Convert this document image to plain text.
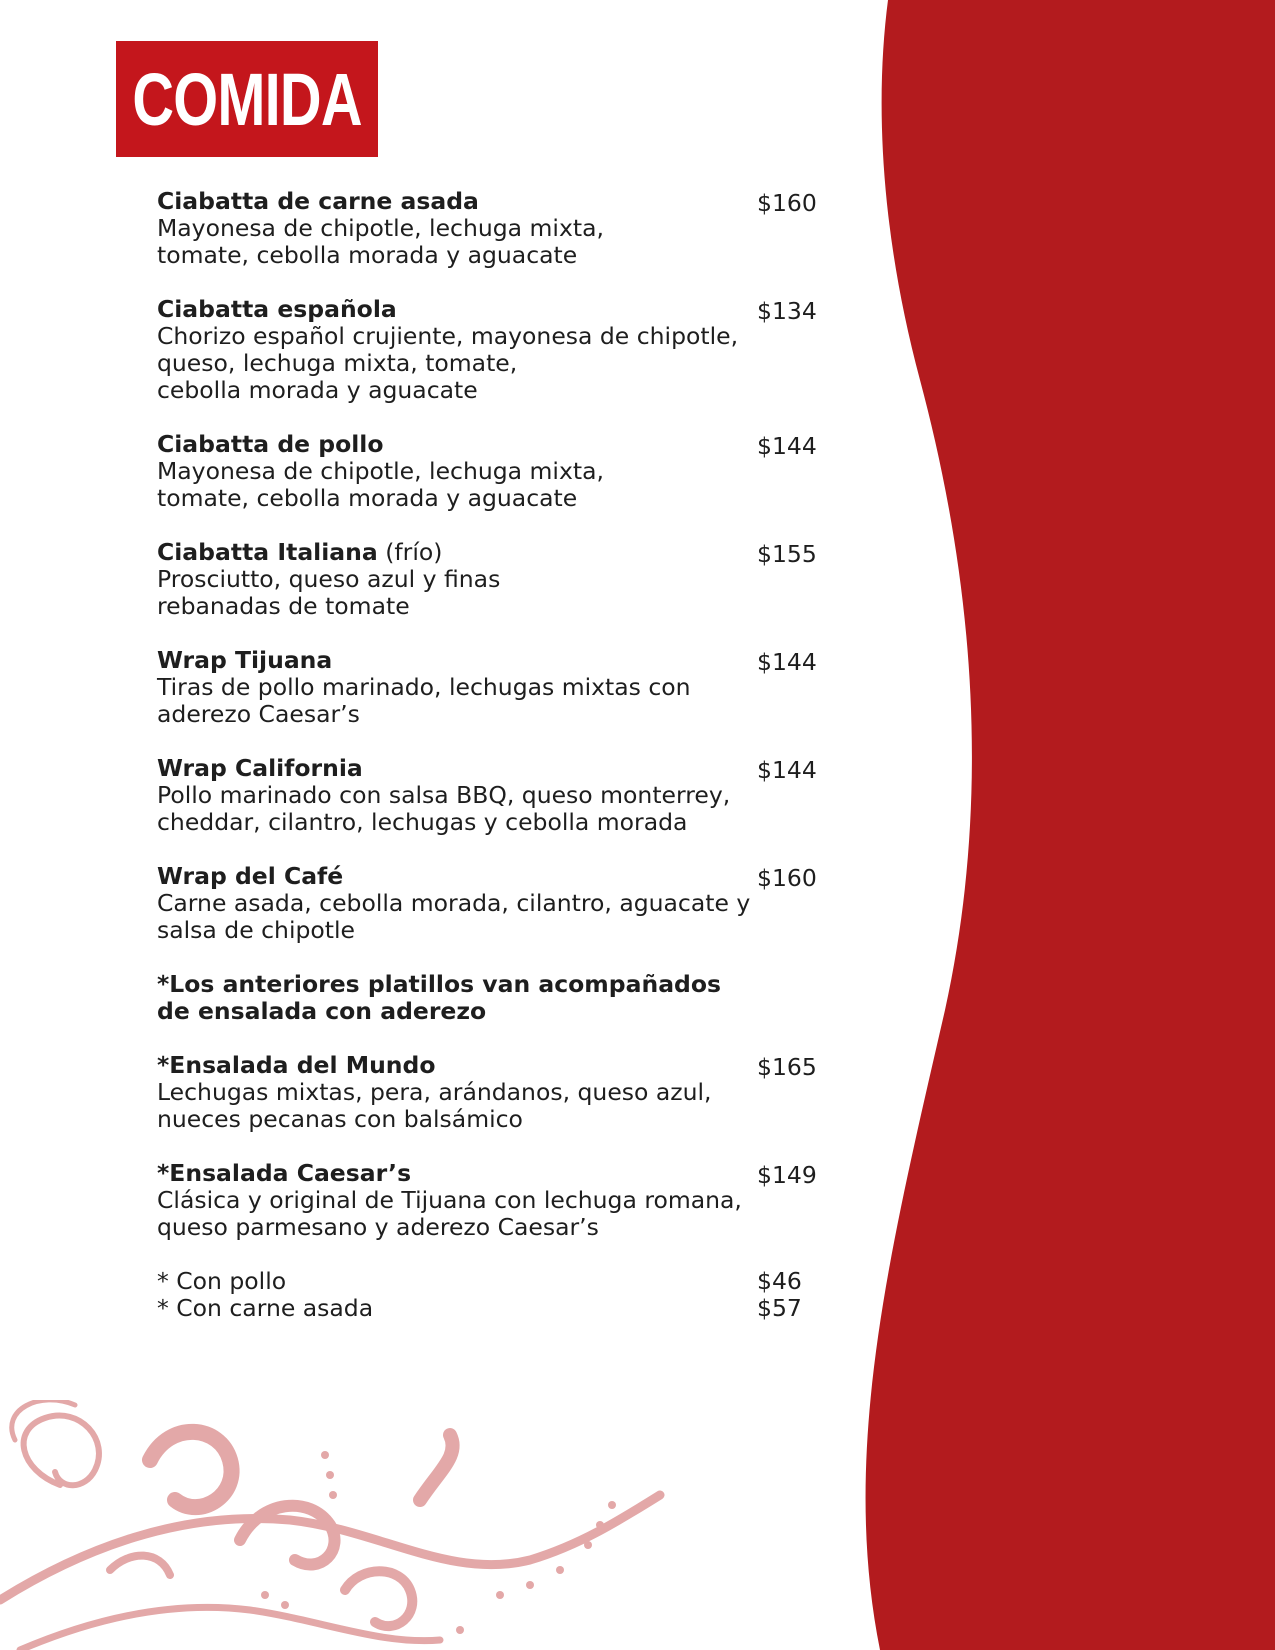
COMIDA
Ciabatta de carne asada	$160
Mayonesa de chipotle, lechuga mixta,
tomate, cebolla morada y aguacate
Ciabatta española	$134
Chorizo español crujiente, mayonesa de chipotle,
queso, lechuga mixta, tomate,
cebolla morada y aguacate
Ciabatta de pollo	$144
Mayonesa de chipotle, lechuga mixta,
tomate, cebolla morada y aguacate
Ciabatta Italiana (frío)	$155
Prosciutto, queso azul y finas
rebanadas de tomate
Wrap Tijuana	$144
Tiras de pollo marinado, lechugas mixtas con
aderezo Caesar’s
Wrap California	$144
Pollo marinado con salsa BBQ, queso monterrey,
cheddar, cilantro, lechugas y cebolla morada
Wrap del Café	$160
Carne asada, cebolla morada, cilantro, aguacate y
salsa de chipotle
*Los anteriores platillos van acompañados
de ensalada con aderezo
*Ensalada del Mundo	$165
Lechugas mixtas, pera, arándanos, queso azul,
nueces pecanas con balsámico
*Ensalada Caesar’s	$149
Clásica y original de Tijuana con lechuga romana,
queso parmesano y aderezo Caesar’s
* Con pollo	$46
* Con carne asada	$57
